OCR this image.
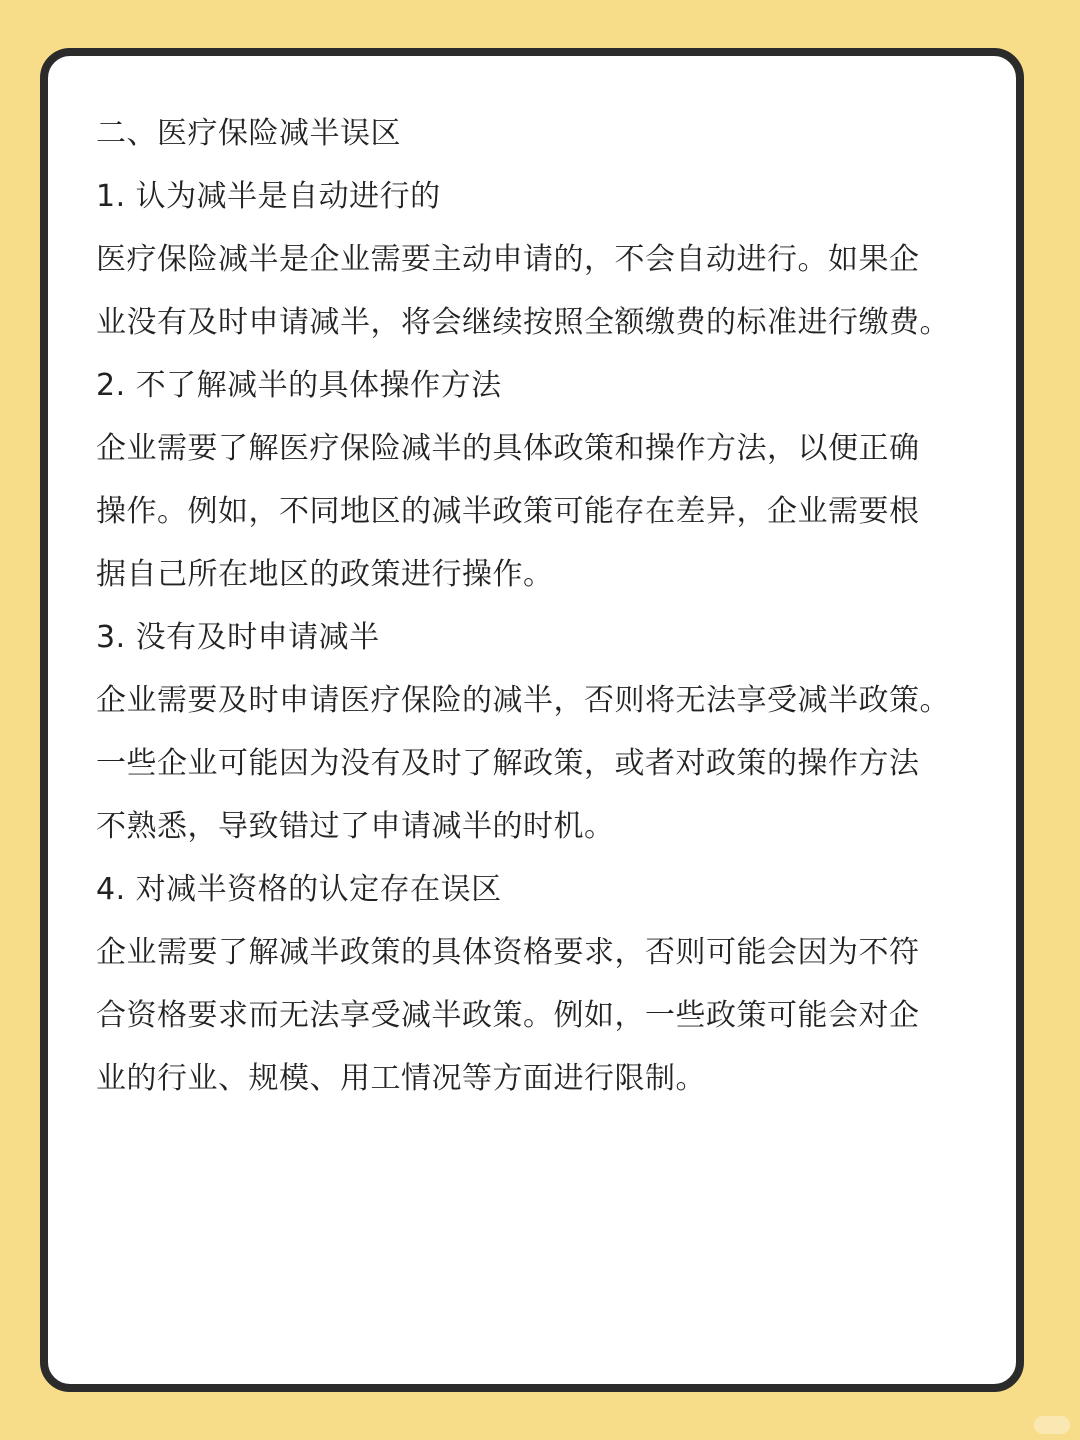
二、医疗保险减半误区
1. 认为减半是自动进行的
医疗保险减半是企业需要主动申请的，不会自动进行。如果企
业没有及时申请减半，将会继续按照全额缴费的标准进行缴费。
2. 不了解减半的具体操作方法
企业需要了解医疗保险减半的具体政策和操作方法，以便正确
操作。例如，不同地区的减半政策可能存在差异，企业需要根
据自己所在地区的政策进行操作。
3. 没有及时申请减半
企业需要及时申请医疗保险的减半，否则将无法享受减半政策。
一些企业可能因为没有及时了解政策，或者对政策的操作方法
不熟悉，导致错过了申请减半的时机。
4. 对减半资格的认定存在误区
企业需要了解减半政策的具体资格要求，否则可能会因为不符
合资格要求而无法享受减半政策。例如，一些政策可能会对企
业的行业、规模、用工情况等方面进行限制。
